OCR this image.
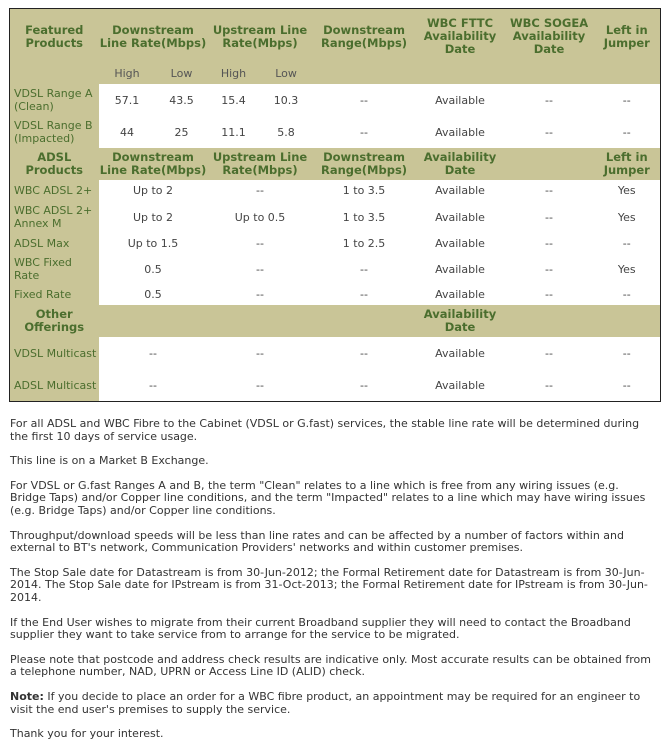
Featured Products	Downstream Line Rate(Mbps)		Upstream Line Rate(Mbps)		Downstream Range(Mbps)	WBC FTTC Availability Date	WBC SOGEA Availability Date	Left in Jumper
	High	Low	High	Low				
VDSL Range A (Clean)	57.1	43.5	15.4	10.3	--	Available	--	--
VDSL Range B (Impacted)	44	25	11.1	5.8	--	Available	--	--
ADSL Products	Downstream Line Rate(Mbps)		Upstream Line Rate(Mbps)		Downstream Range(Mbps)	Availability Date		Left in Jumper
WBC ADSL 2+	Up to 2		--		1 to 3.5	Available	--	Yes
WBC ADSL 2+ Annex M	Up to 2		Up to 0.5		1 to 3.5	Available	--	Yes
ADSL Max	Up to 1.5		--		1 to 2.5	Available	--	--
WBC Fixed Rate	0.5		--		--	Available	--	Yes
Fixed Rate	0.5		--		--	Available	--	--
Other Offerings						Availability Date		
VDSL Multicast	--		--		--	Available	--	--
ADSL Multicast	--		--		--	Available	--	--

For all ADSL and WBC Fibre to the Cabinet (VDSL or G.fast) services, the stable line rate will be determined during the first 10 days of service usage.

This line is on a Market B Exchange.

For VDSL or G.fast Ranges A and B, the term "Clean" relates to a line which is free from any wiring issues (e.g. Bridge Taps) and/or Copper line conditions, and the term "Impacted" relates to a line which may have wiring issues (e.g. Bridge Taps) and/or Copper line conditions.

Throughput/download speeds will be less than line rates and can be affected by a number of factors within and external to BT's network, Communication Providers' networks and within customer premises.

The Stop Sale date for Datastream is from 30-Jun-2012; the Formal Retirement date for Datastream is from 30-Jun-2014. The Stop Sale date for IPstream is from 31-Oct-2013; the Formal Retirement date for IPstream is from 30-Jun-2014.

If the End User wishes to migrate from their current Broadband supplier they will need to contact the Broadband supplier they want to take service from to arrange for the service to be migrated.

Please note that postcode and address check results are indicative only. Most accurate results can be obtained from a telephone number, NAD, UPRN or Access Line ID (ALID) check.

Note: If you decide to place an order for a WBC fibre product, an appointment may be required for an engineer to visit the end user's premises to supply the service.

Thank you for your interest.
